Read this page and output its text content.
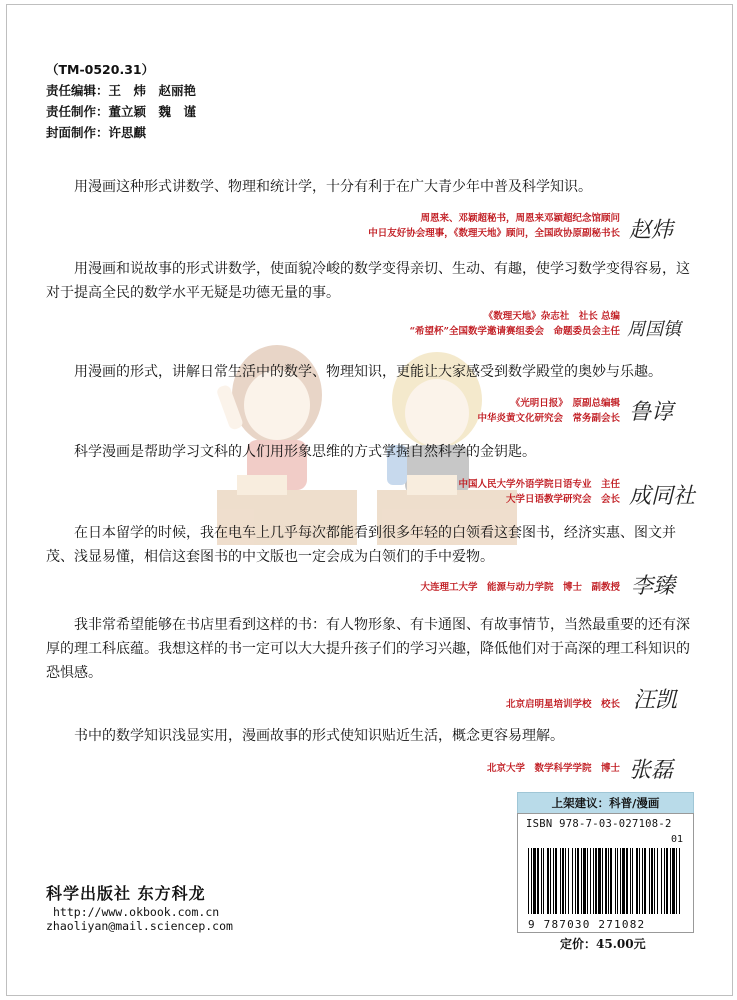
（TM-0520.31）
责任编辑：王　炜　赵丽艳
责任制作：董立颖　魏　谨
封面制作：许思麒
用漫画这种形式讲数学、物理和统计学，十分有利于在广大青少年中普及科学知识。
周恩来、邓颖超秘书，周恩来邓颖超纪念馆顾问
中日友好协会理事，《数理天地》顾问，全国政协原副秘书长 赵炜
用漫画和说故事的形式讲数学，使面貌冷峻的数学变得亲切、生动、有趣，使学习数学变得容易，这对于提高全民的数学水平无疑是功德无量的事。
《数理天地》杂志社　社长 总编
“希望杯”全国数学邀请赛组委会　命题委员会主任 周国镇
用漫画的形式，讲解日常生活中的数学、物理知识，更能让大家感受到数学殿堂的奥妙与乐趣。
《光明日报》　原副总编辑
中华炎黄文化研究会　常务副会长 鲁谆
科学漫画是帮助学习文科的人们用形象思维的方式掌握自然科学的金钥匙。
中国人民大学外语学院日语专业　主任
大学日语教学研究会　会长 成同社
在日本留学的时候，我在电车上几乎每次都能看到很多年轻的白领看这套图书，经济实惠、图文并茂、浅显易懂，相信这套图书的中文版也一定会成为白领们的手中爱物。
大连理工大学　能源与动力学院　博士　副教授 李臻
我非常希望能够在书店里看到这样的书：有人物形象、有卡通图、有故事情节，当然最重要的还有深厚的理工科底蕴。我想这样的书一定可以大大提升孩子们的学习兴趣，降低他们对于高深的理工科知识的恐惧感。
北京启明星培训学校　校长 汪凯
书中的数学知识浅显实用，漫画故事的形式使知识贴近生活，概念更容易理解。
北京大学　数学科学学院　博士 张磊
上架建议：科普/漫画
ISBN 978-7-03-027108-2
01
9 787030 271082
定价：45.00元
科学出版社 东方科龙
http://www.okbook.com.cn
zhaoliyan@mail.sciencep.com
